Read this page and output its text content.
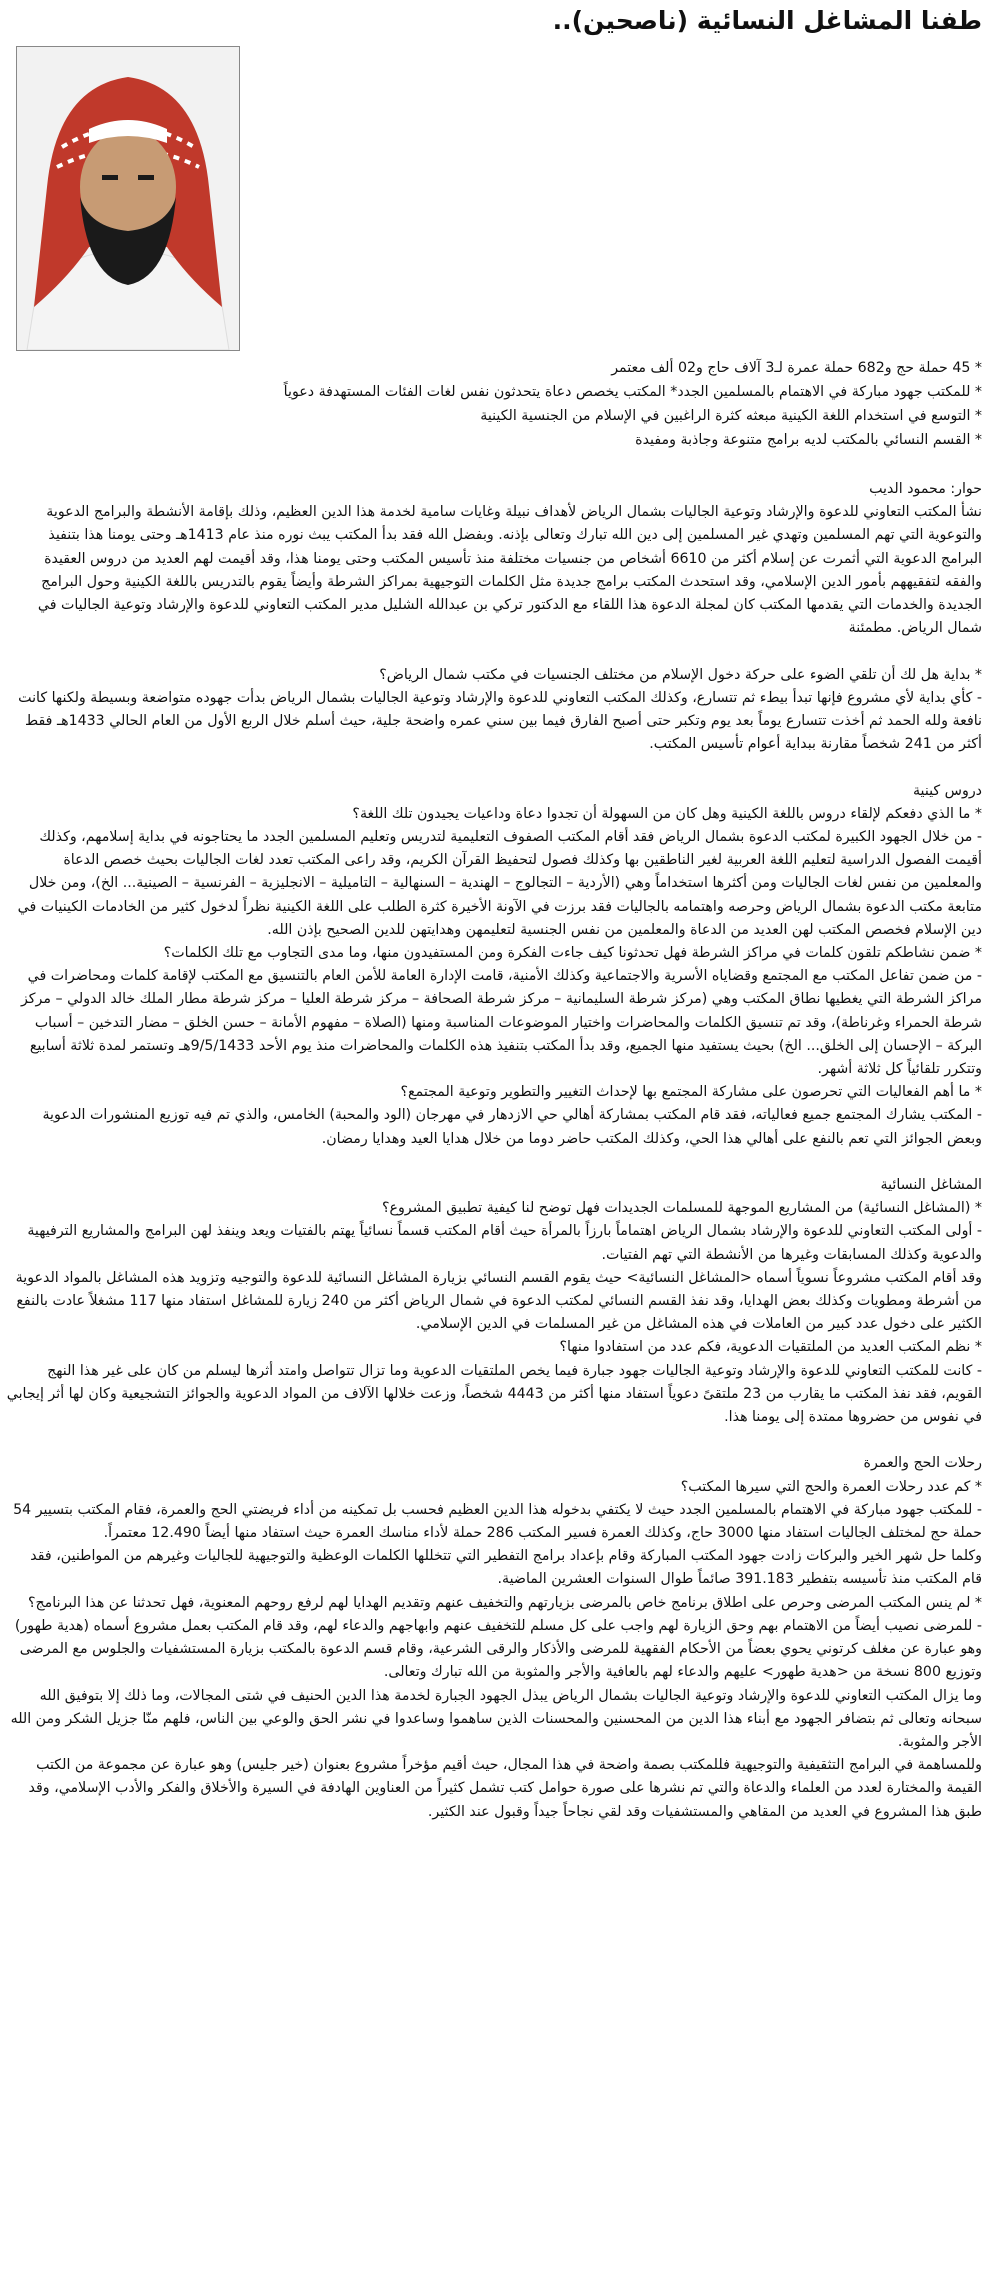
طفنا المشاغل النسائية (ناصحين)..
* 45 حملة حج و682 حملة عمرة لـ3 آلاف حاج و02 ألف معتمر
* للمكتب جهود مباركة في الاهتمام بالمسلمين الجدد* المكتب يخصص دعاة يتحدثون نفس لغات الفئات المستهدفة دعوياً
* التوسع في استخدام اللغة الكينية مبعثه كثرة الراغبين في الإسلام من الجنسية الكينية
* القسم النسائي بالمكتب لديه برامج متنوعة وجاذبة ومفيدة

حوار: محمود الديب

نشأ المكتب التعاوني للدعوة والإرشاد وتوعية الجاليات بشمال الرياض لأهداف نبيلة وغايات سامية لخدمة هذا الدين العظيم، وذلك بإقامة الأنشطة والبرامج الدعوية والتوعوية التي تهم المسلمين وتهدي غير المسلمين إلى دين الله تبارك وتعالى بإذنه. وبفضل الله فقد بدأ المكتب يبث نوره منذ عام 1413هـ وحتى يومنا هذا بتنفيذ البرامج الدعوية التي أثمرت عن إسلام أكثر من 6610 أشخاص من جنسيات مختلفة منذ تأسيس المكتب وحتى يومنا هذا، وقد أقيمت لهم العديد من دروس العقيدة والفقه لتفقيههم بأمور الدين الإسلامي، وقد استحدث المكتب برامج جديدة مثل الكلمات التوجيهية بمراكز الشرطة وأيضاً يقوم بالتدريس باللغة الكينية وحول البرامج الجديدة والخدمات التي يقدمها المكتب كان لمجلة الدعوة هذا اللقاء مع الدكتور تركي بن عبدالله الشليل مدير المكتب التعاوني للدعوة والإرشاد وتوعية الجاليات في شمال الرياض. مطمئنة

* بداية هل لك أن تلقي الضوء على حركة دخول الإسلام من مختلف الجنسيات في مكتب شمال الرياض؟

- كأي بداية لأي مشروع فإنها تبدأ بيطء ثم تتسارع، وكذلك المكتب التعاوني للدعوة والإرشاد وتوعية الجاليات بشمال الرياض بدأت جهوده متواضعة وبسيطة ولكنها كانت نافعة ولله الحمد ثم أخذت تتسارع يوماً بعد يوم وتكبر حتى أصبح الفارق فيما بين سني عمره واضحة جلية، حيث أسلم خلال الربع الأول من العام الحالي 1433هـ فقط أكثر من 241 شخصاً مقارنة ببداية أعوام تأسيس المكتب.

دروس كينية

* ما الذي دفعكم لإلقاء دروس باللغة الكينية وهل كان من السهولة أن تجدوا دعاة وداعيات يجيدون تلك اللغة؟

- من خلال الجهود الكبيرة لمكتب الدعوة بشمال الرياض فقد أقام المكتب الصفوف التعليمية لتدريس وتعليم المسلمين الجدد ما يحتاجونه في بداية إسلامهم، وكذلك أقيمت الفصول الدراسية لتعليم اللغة العربية لغير الناطقين بها وكذلك فصول لتحفيظ القرآن الكريم، وقد راعى المكتب تعدد لغات الجاليات بحيث خصص الدعاة والمعلمين من نفس لغات الجاليات ومن أكثرها استخداماً وهي (الأردية – التجالوج – الهندية – السنهالية – التاميلية – الانجليزية – الفرنسية – الصينية... الخ)، ومن خلال متابعة مكتب الدعوة بشمال الرياض وحرصه واهتمامه بالجاليات فقد برزت في الآونة الأخيرة كثرة الطلب على اللغة الكينية نظراً لدخول كثير من الخادمات الكينيات في دين الإسلام فخصص المكتب لهن العديد من الدعاة والمعلمين من نفس الجنسية لتعليمهن وهدايتهن للدين الصحيح بإذن الله.

* ضمن نشاطكم تلقون كلمات في مراكز الشرطة فهل تحدثونا كيف جاءت الفكرة ومن المستفيدون منها، وما مدى التجاوب مع تلك الكلمات؟

- من ضمن تفاعل المكتب مع المجتمع وقضاياه الأسرية والاجتماعية وكذلك الأمنية، قامت الإدارة العامة للأمن العام بالتنسيق مع المكتب لإقامة كلمات ومحاضرات في مراكز الشرطة التي يغطيها نطاق المكتب وهي (مركز شرطة السليمانية – مركز شرطة الصحافة – مركز شرطة العليا – مركز شرطة مطار الملك خالد الدولي – مركز شرطة الحمراء وغرناطة)، وقد تم تنسيق الكلمات والمحاضرات واختيار الموضوعات المناسبة ومنها (الصلاة – مفهوم الأمانة – حسن الخلق – مضار التدخين – أسباب البركة – الإحسان إلى الخلق... الخ) بحيث يستفيد منها الجميع، وقد بدأ المكتب بتنفيذ هذه الكلمات والمحاضرات منذ يوم الأحد 9/5/1433هـ وتستمر لمدة ثلاثة أسابيع وتتكرر تلقائياً كل ثلاثة أشهر.

* ما أهم الفعاليات التي تحرصون على مشاركة المجتمع بها لإحداث التغيير والتطوير وتوعية المجتمع؟

- المكتب يشارك المجتمع جميع فعالياته، فقد قام المكتب بمشاركة أهالي حي الازدهار في مهرجان (الود والمحبة) الخامس، والذي تم فيه توزيع المنشورات الدعوية وبعض الجوائز التي تعم بالنفع على أهالي هذا الحي، وكذلك المكتب حاضر دوما من خلال هدايا العيد وهدايا رمضان.

المشاغل النسائية

* (المشاغل النسائية) من المشاريع الموجهة للمسلمات الجديدات فهل توضح لنا كيفية تطبيق المشروع؟

- أولى المكتب التعاوني للدعوة والإرشاد بشمال الرياض اهتماماً بارزاً بالمرأة حيث أقام المكتب قسماً نسائياً يهتم بالفتيات ويعد وينفذ لهن البرامج والمشاريع الترفيهية والدعوية وكذلك المسابقات وغيرها من الأنشطة التي تهم الفتيات.

وقد أقام المكتب مشروعاً نسوياً أسماه <المشاغل النسائية> حيث يقوم القسم النسائي بزيارة المشاغل النسائية للدعوة والتوجيه وتزويد هذه المشاغل بالمواد الدعوية من أشرطة ومطويات وكذلك بعض الهدايا، وقد نفذ القسم النسائي لمكتب الدعوة في شمال الرياض أكثر من 240 زيارة للمشاغل استفاد منها 117 مشغلاً عادت بالنفع الكثير على دخول عدد كبير من العاملات في هذه المشاغل من غير المسلمات في الدين الإسلامي.

* نظم المكتب العديد من الملتقيات الدعوية، فكم عدد من استفادوا منها؟

- كانت للمكتب التعاوني للدعوة والإرشاد وتوعية الجاليات جهود جبارة فيما يخص الملتقيات الدعوية وما تزال تتواصل وامتد أثرها ليسلم من كان على غير هذا النهج القويم، فقد نفذ المكتب ما يقارب من 23 ملتقىً دعوياً استفاد منها أكثر من 4443 شخصاً، وزعت خلالها الآلاف من المواد الدعوية والجوائز التشجيعية وكان لها أثر إيجابي في نفوس من حضروها ممتدة إلى يومنا هذا.

رحلات الحج والعمرة

* كم عدد رحلات العمرة والحج التي سيرها المكتب؟

- للمكتب جهود مباركة في الاهتمام بالمسلمين الجدد حيث لا يكتفي بدخوله هذا الدين العظيم فحسب بل تمكينه من أداء فريضتي الحج والعمرة، فقام المكتب بتسيير 54 حملة حج لمختلف الجاليات استفاد منها 3000 حاج، وكذلك العمرة فسير المكتب 286 حملة لأداء مناسك العمرة حيث استفاد منها أيضاً 12.490 معتمراً.

وكلما حل شهر الخير والبركات زادت جهود المكتب المباركة وقام بإعداد برامج التفطير التي تتخللها الكلمات الوعظية والتوجيهية للجاليات وغيرهم من المواطنين، فقد قام المكتب منذ تأسيسه بتفطير 391.183 صائماً طوال السنوات العشرين الماضية.

* لم ينس المكتب المرضى وحرص على اطلاق برنامج خاص بالمرضى بزيارتهم والتخفيف عنهم وتقديم الهدايا لهم لرفع روحهم المعنوية، فهل تحدثنا عن هذا البرنامج؟

- للمرضى نصيب أيضاً من الاهتمام بهم وحق الزيارة لهم واجب على كل مسلم للتخفيف عنهم وابهاجهم والدعاء لهم، وقد قام المكتب بعمل مشروع أسماه (هدية طهور) وهو عبارة عن مغلف كرتوني يحوي بعضاً من الأحكام الفقهية للمرضى والأذكار والرقى الشرعية، وقام قسم الدعوة بالمكتب بزيارة المستشفيات والجلوس مع المرضى وتوزيع 800 نسخة من <هدية طهور> عليهم والدعاء لهم بالعافية والأجر والمثوبة من الله تبارك وتعالى.

وما يزال المكتب التعاوني للدعوة والإرشاد وتوعية الجاليات بشمال الرياض يبذل الجهود الجبارة لخدمة هذا الدين الحنيف في شتى المجالات، وما ذلك إلا بتوفيق الله سبحانه وتعالى ثم بتضافر الجهود مع أبناء هذا الدين من المحسنين والمحسنات الذين ساهموا وساعدوا في نشر الحق والوعي بين الناس، فلهم منّا جزيل الشكر ومن الله الأجر والمثوبة.

وللمساهمة في البرامج التثقيفية والتوجيهية فللمكتب بصمة واضحة في هذا المجال، حيث أقيم مؤخراً مشروع بعنوان (خير جليس) وهو عبارة عن مجموعة من الكتب القيمة والمختارة لعدد من العلماء والدعاة والتي تم نشرها على صورة حوامل كتب تشمل كثيراً من العناوين الهادفة في السيرة والأخلاق والفكر والأدب الإسلامي، وقد طبق هذا المشروع في العديد من المقاهي والمستشفيات وقد لقي نجاحاً جيداً وقبول عند الكثير.
